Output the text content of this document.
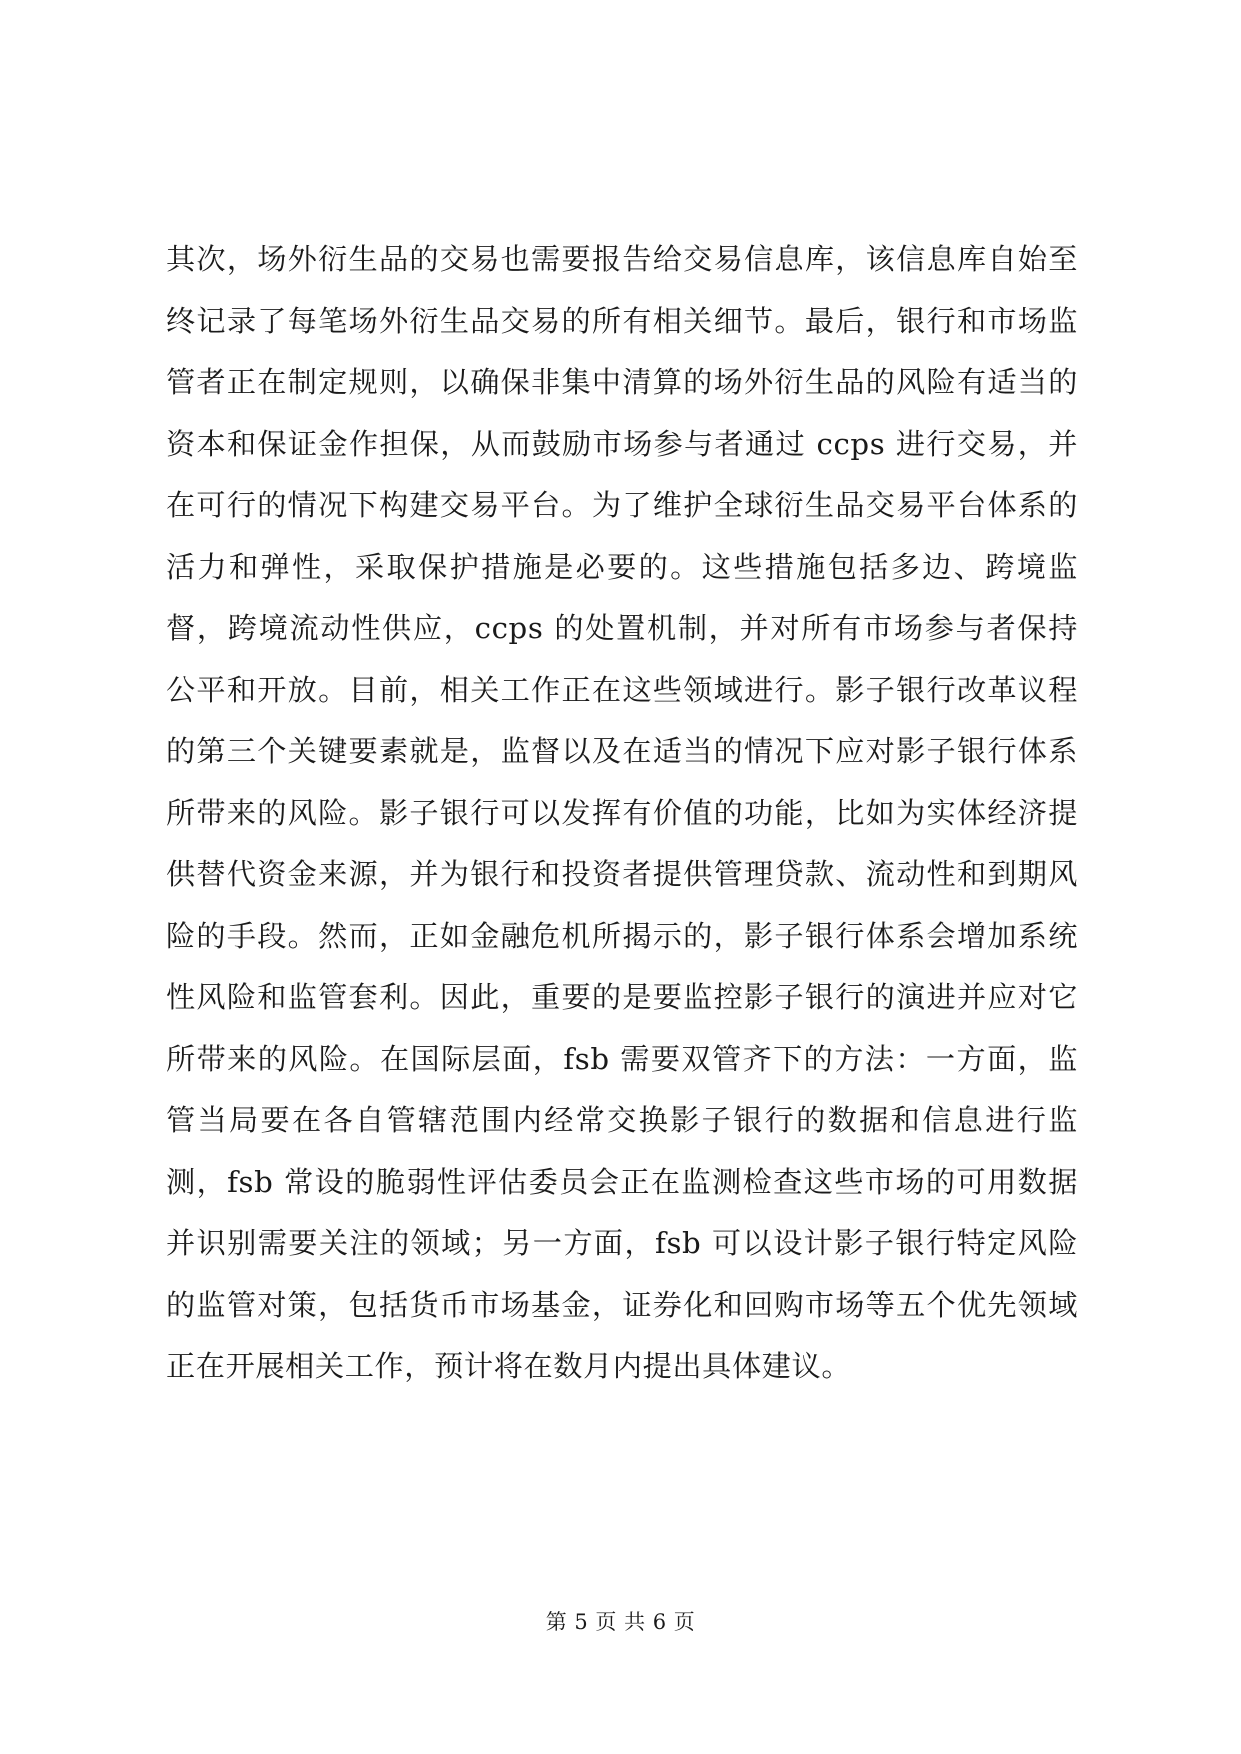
其次，场外衍生品的交易也需要报告给交易信息库，该信息库自始至终记录了每笔场外衍生品交易的所有相关细节。最后，银行和市场监管者正在制定规则，以确保非集中清算的场外衍生品的风险有适当的资本和保证金作担保，从而鼓励市场参与者通过 ccps 进行交易，并在可行的情况下构建交易平台。为了维护全球衍生品交易平台体系的活力和弹性，采取保护措施是必要的。这些措施包括多边、跨境监督，跨境流动性供应，ccps 的处置机制，并对所有市场参与者保持公平和开放。目前，相关工作正在这些领域进行。影子银行改革议程的第三个关键要素就是，监督以及在适当的情况下应对影子银行体系所带来的风险。影子银行可以发挥有价值的功能，比如为实体经济提供替代资金来源，并为银行和投资者提供管理贷款、流动性和到期风险的手段。然而，正如金融危机所揭示的，影子银行体系会增加系统性风险和监管套利。因此，重要的是要监控影子银行的演进并应对它所带来的风险。在国际层面，fsb 需要双管齐下的方法：一方面，监管当局要在各自管辖范围内经常交换影子银行的数据和信息进行监测，fsb 常设的脆弱性评估委员会正在监测检查这些市场的可用数据并识别需要关注的领域；另一方面，fsb 可以设计影子银行特定风险的监管对策，包括货币市场基金，证券化和回购市场等五个优先领域正在开展相关工作，预计将在数月内提出具体建议。

第 5 页 共 6 页
